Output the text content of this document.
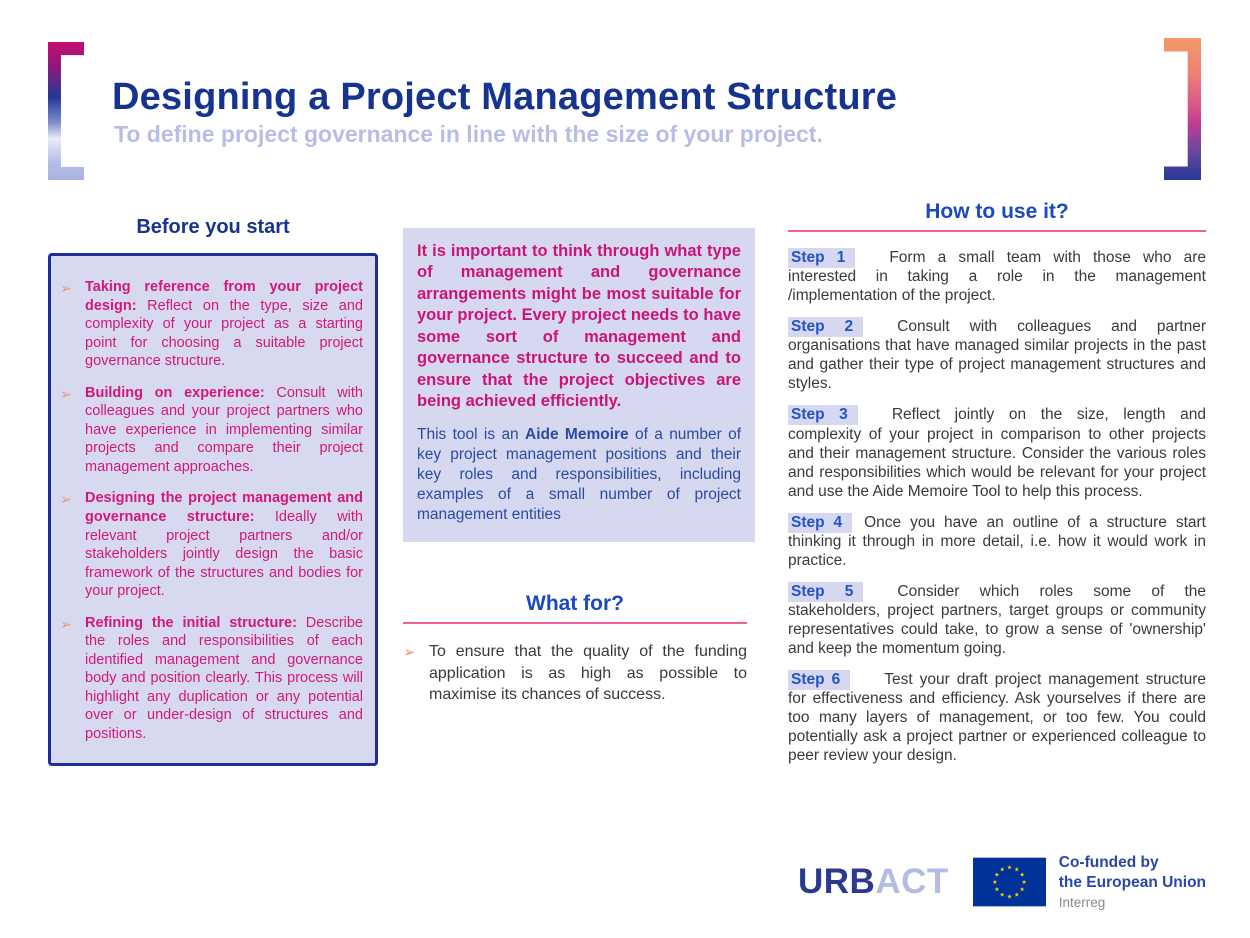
Designing a Project Management Structure
To define project governance in line with the size of your project.
Before you start
➢ Taking reference from your project design: Reflect on the type, size and complexity of your project as a starting point for choosing a suitable project governance structure.
➢ Building on experience: Consult with colleagues and your project partners who have experience in implementing similar projects and compare their project management approaches.
➢ Designing the project management and governance structure: Ideally with relevant project partners and/or stakeholders jointly design the basic framework of the structures and bodies for your project.
➢ Refining the initial structure: Describe the roles and responsibilities of each identified management and governance body and position clearly. This process will highlight any duplication or any potential over or under-design of structures and positions.

It is important to think through what type of management and governance arrangements might be most suitable for your project. Every project needs to have some sort of management and governance structure to succeed and to ensure that the project objectives are being achieved efficiently.

This tool is an Aide Memoire of a number of key project management positions and their key roles and responsibilities, including examples of a small number of project management entities

What for?
➢ To ensure that the quality of the funding application is as high as possible to maximise its chances of success.
How to use it?

Step 1	Form a small team with those who are interested in taking a role in the management /implementation of the project.

Step 2	Consult with colleagues and partner organisations that have managed similar projects in the past and gather their type of project management structures and styles.

Step 3	Reflect jointly on the size, length and complexity of your project in comparison to other projects and their management structure. Consider the various roles and responsibilities which would be relevant for your project and use the Aide Memoire Tool to help this process.

Step 4 Once you have an outline of a structure start thinking it through in more detail, i.e. how it would work in practice.

Step 5	Consider which roles some of the stakeholders, project partners, target groups or community representatives could take, to grow a sense of 'ownership' and keep the momentum going.

Step 6	Test your draft project management structure for effectiveness and efficiency. Ask yourselves if there are too many layers of management, or too few. You could potentially ask a project partner or experienced colleague to peer review your design.

URBACT	Co-funded by
the European Union
Interreg
